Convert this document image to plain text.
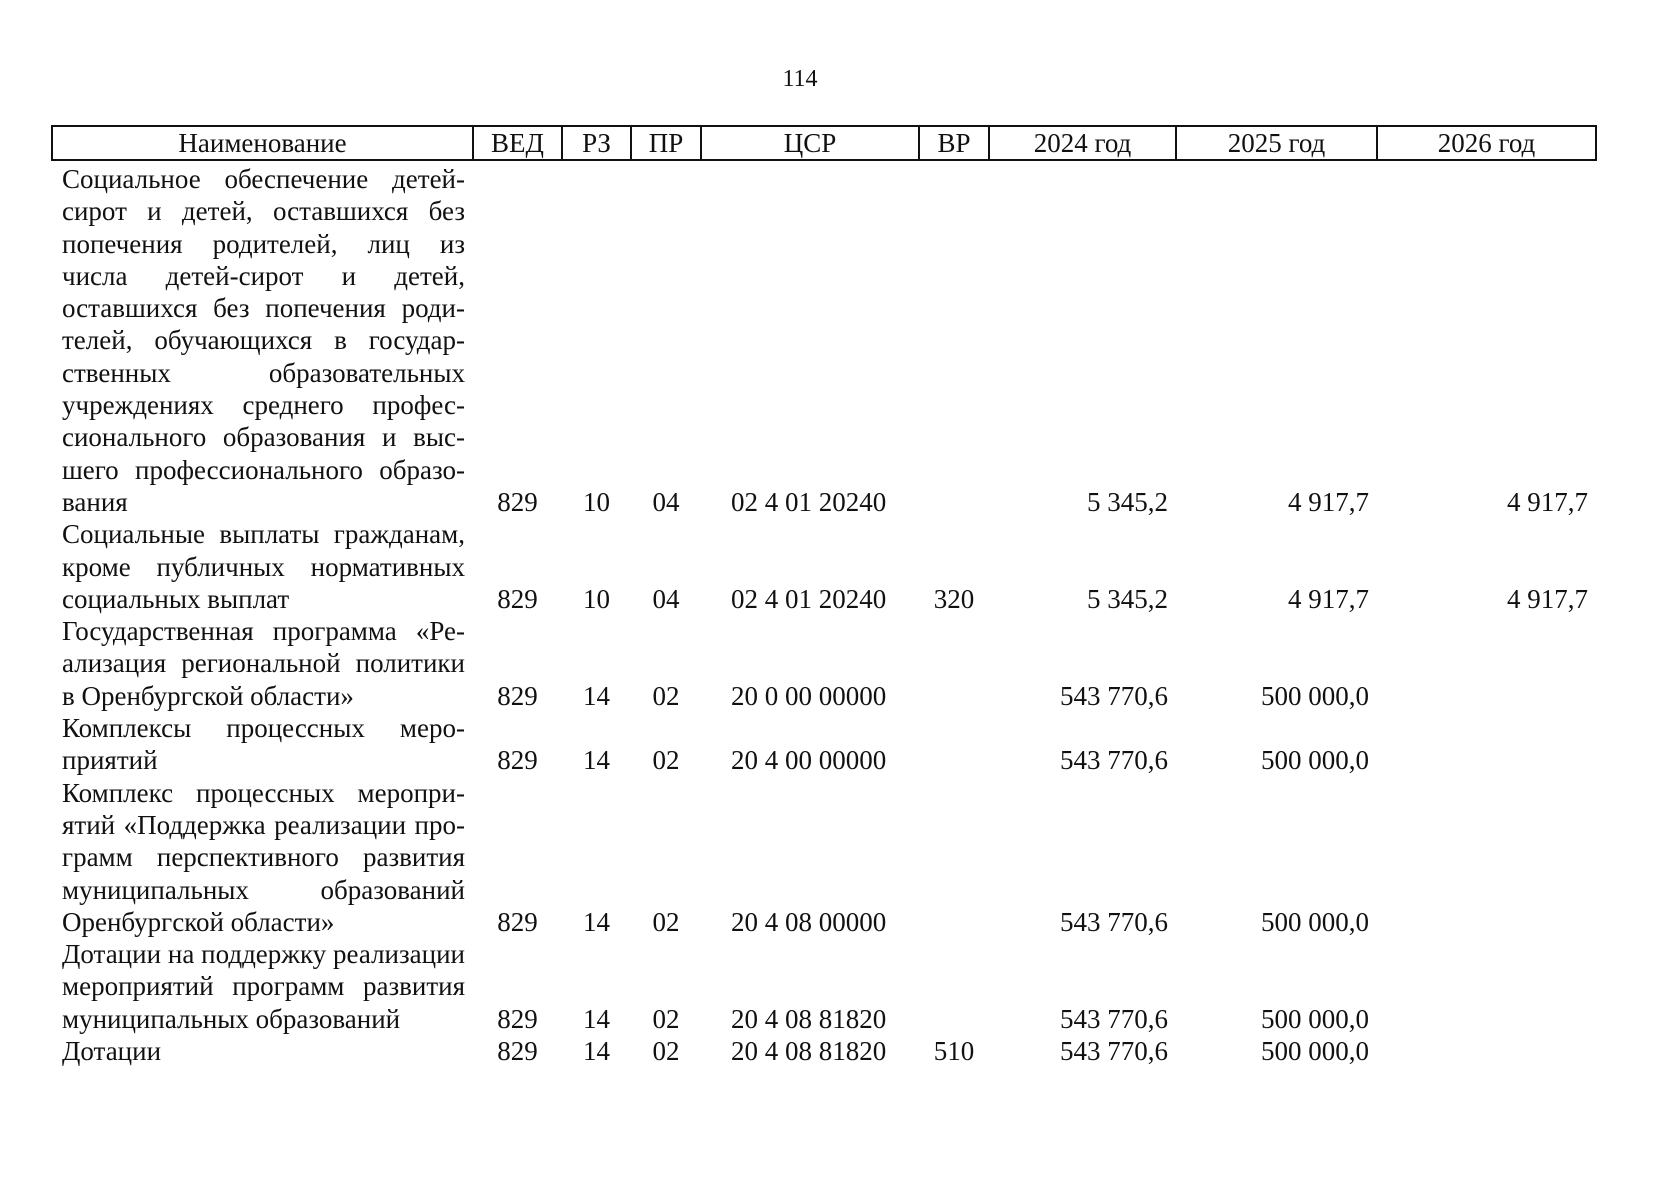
114
Наименование	ВЕД	РЗ	ПР	ЦСР	ВР	2024 год	2025 год	2026 год
Социальное обеспечение детей-сирот и детей, оставшихся без попечения родителей, лиц из числа детей-сирот и детей, оставшихся без попечения родителей, обучающихся в государственных образовательных учреждениях среднего профессионального образования и высшего профессионального образования	829	10	04	02 4 01 20240		5 345,2	4 917,7	4 917,7
Социальные выплаты гражданам, кроме публичных нормативных социальных выплат	829	10	04	02 4 01 20240	320	5 345,2	4 917,7	4 917,7
Государственная программа «Реализация региональной политики в Оренбургской области»	829	14	02	20 0 00 00000		543 770,6	500 000,0	
Комплексы процессных мероприятий	829	14	02	20 4 00 00000		543 770,6	500 000,0	
Комплекс процессных мероприятий «Поддержка реализации программ перспективного развития муниципальных образований Оренбургской области»	829	14	02	20 4 08 00000		543 770,6	500 000,0	
Дотации на поддержку реализации мероприятий программ развития муниципальных образований	829	14	02	20 4 08 81820		543 770,6	500 000,0	
Дотации	829	14	02	20 4 08 81820	510	543 770,6	500 000,0	
